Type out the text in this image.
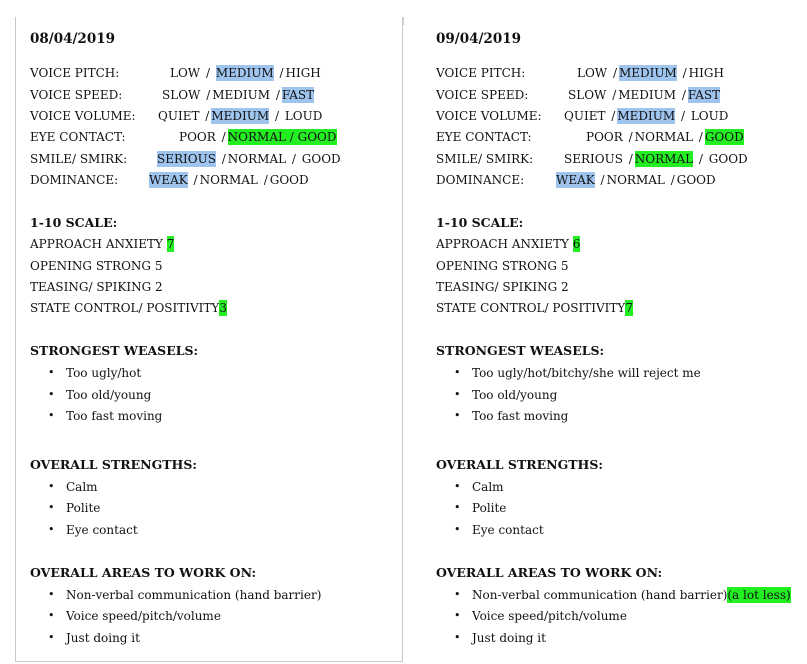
08/04/2019
VOICE PITCH:	LOW / MEDIUM / HIGH
VOICE SPEED:	SLOW / MEDIUM / FAST
VOICE VOLUME: QUIET / MEDIUM / LOUD
EYE CONTACT:	POOR / NORMAL / GOOD
SMILE/ SMIRK: SERIOUS / NORMAL / GOOD
DOMINANCE:	WEAK / NORMAL / GOOD
1-10 SCALE:
APPROACH ANXIETY 7
OPENING STRONG 5
TEASING/ SPIKING 2
STATE CONTROL/ POSITIVITY3
STRONGEST WEASELS:
• Too ugly/hot
• Too old/young
• Too fast moving
OVERALL STRENGTHS:
• Calm
• Polite
• Eye contact
OVERALL AREAS TO WORK ON:
• Non-verbal communication (hand barrier)
• Voice speed/pitch/volume
• Just doing it
09/04/2019
VOICE PITCH:	LOW / MEDIUM / HIGH
VOICE SPEED:	SLOW / MEDIUM / FAST
VOICE VOLUME: QUIET / MEDIUM / LOUD
EYE CONTACT:	POOR / NORMAL / GOOD
SMILE/ SMIRK:	SERIOUS / NORMAL / GOOD
DOMINANCE:	WEAK / NORMAL / GOOD
1-10 SCALE:
APPROACH ANXIETY 6
OPENING STRONG 5
TEASING/ SPIKING 2
STATE CONTROL/ POSITIVITY7
STRONGEST WEASELS:
• Too ugly/hot/bitchy/she will reject me
• Too old/young
• Too fast moving
OVERALL STRENGTHS:
• Calm
• Polite
• Eye contact
OVERALL AREAS TO WORK ON:
• Non-verbal communication (hand barrier)(a lot less)
• Voice speed/pitch/volume
• Just doing it
